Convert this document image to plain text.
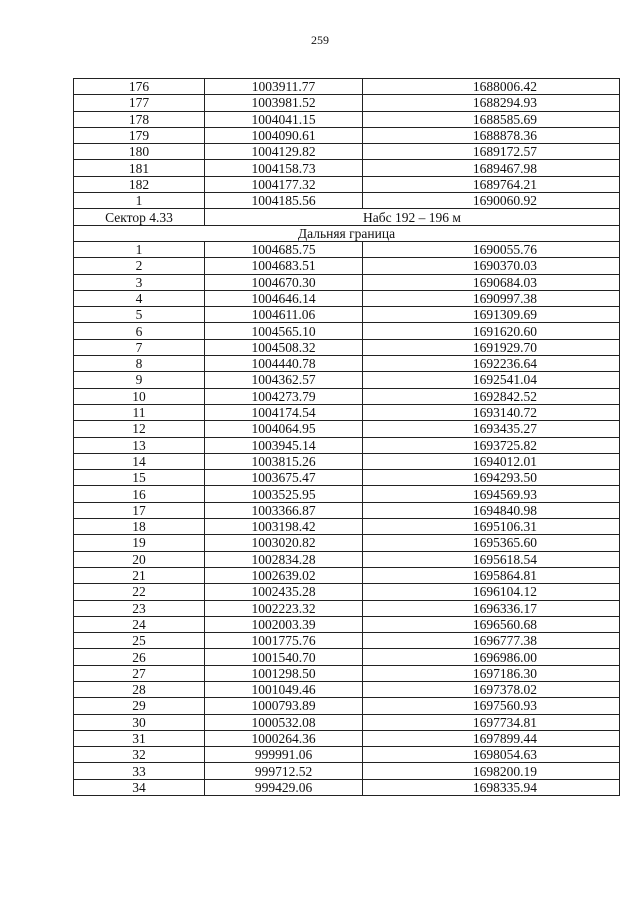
259
176	1003911.77	1688006.42
177	1003981.52	1688294.93
178	1004041.15	1688585.69
179	1004090.61	1688878.36
180	1004129.82	1689172.57
181	1004158.73	1689467.98
182	1004177.32	1689764.21
1	1004185.56	1690060.92
Сектор 4.33	Набс 192 – 196 м	
Дальняя граница		
1	1004685.75	1690055.76
2	1004683.51	1690370.03
3	1004670.30	1690684.03
4	1004646.14	1690997.38
5	1004611.06	1691309.69
6	1004565.10	1691620.60
7	1004508.32	1691929.70
8	1004440.78	1692236.64
9	1004362.57	1692541.04
10	1004273.79	1692842.52
11	1004174.54	1693140.72
12	1004064.95	1693435.27
13	1003945.14	1693725.82
14	1003815.26	1694012.01
15	1003675.47	1694293.50
16	1003525.95	1694569.93
17	1003366.87	1694840.98
18	1003198.42	1695106.31
19	1003020.82	1695365.60
20	1002834.28	1695618.54
21	1002639.02	1695864.81
22	1002435.28	1696104.12
23	1002223.32	1696336.17
24	1002003.39	1696560.68
25	1001775.76	1696777.38
26	1001540.70	1696986.00
27	1001298.50	1697186.30
28	1001049.46	1697378.02
29	1000793.89	1697560.93
30	1000532.08	1697734.81
31	1000264.36	1697899.44
32	999991.06	1698054.63
33	999712.52	1698200.19
34	999429.06	1698335.94
